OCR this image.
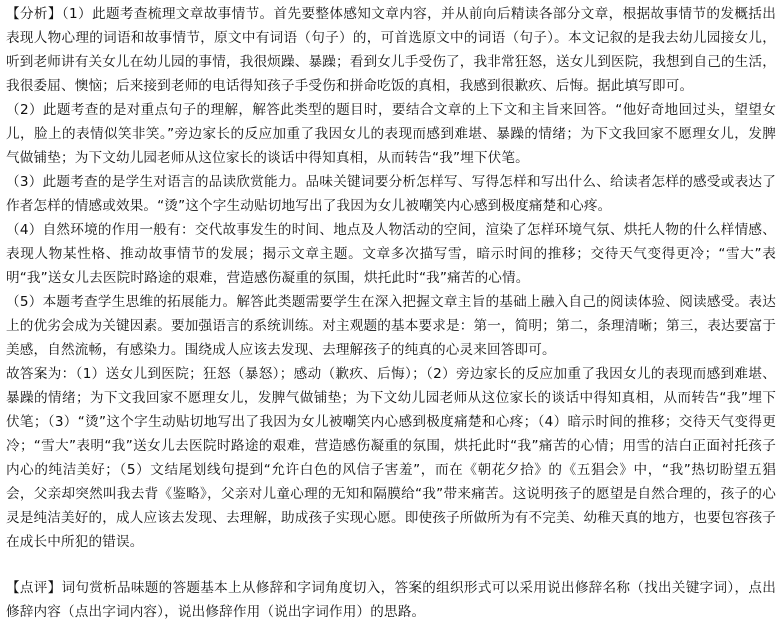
【分析】（1）此题考查梳理文章故事情节。首先要整体感知文章内容，并从前向后精读各部分文章，根据故事情节的发概括出表现人物心理的词语和故事情节，原文中有词语（句子）的，可首选原文中的词语（句子）。本文记叙的是我去幼儿园接女儿，听到老师讲有关女儿在幼儿园的事情，我很烦躁、暴躁；看到女儿手受伤了，我非常狂怒，送女儿到医院，我想到自己的生活，我很委屈、懊恼；后来接到老师的电话得知孩子手受伤和拼命吃饭的真相，我感到很歉疚、后悔。据此填写即可。

（2）此题考查的是对重点句子的理解，解答此类型的题目时，要结合文章的上下文和主旨来回答。“他好奇地回过头，望望女儿，脸上的表情似笑非笑。”旁边家长的反应加重了我因女儿的表现而感到难堪、暴躁的情绪；为下文我回家不愿理女儿，发脾气做铺垫；为下文幼儿园老师从这位家长的谈话中得知真相，从而转告“我”埋下伏笔。

（3）此题考查的是学生对语言的品读欣赏能力。品味关键词要分析怎样写、写得怎样和写出什么、给读者怎样的感受或表达了作者怎样的情感或效果。“烫”这个字生动贴切地写出了我因为女儿被嘲笑内心感到极度痛楚和心疼。

（4）自然环境的作用一般有：交代故事发生的时间、地点及人物活动的空间，渲染了怎样环境气氛、烘托人物的什么样情感、表现人物某性格、推动故事情节的发展；揭示文章主题。文章多次描写雪，暗示时间的推移；交待天气变得更冷；“雪大”表明“我”送女儿去医院时路途的艰难，营造感伤凝重的氛围，烘托此时“我”痛苦的心情。

（5）本题考查学生思维的拓展能力。解答此类题需要学生在深入把握文章主旨的基础上融入自己的阅读体验、阅读感受。表达上的优劣会成为关键因素。要加强语言的系统训练。对主观题的基本要求是：第一，简明；第二，条理清晰；第三，表达要富于美感，自然流畅，有感染力。围绕成人应该去发现、去理解孩子的纯真的心灵来回答即可。

故答案为：（1）送女儿到医院；狂怒（暴怒）；感动（歉疚、后悔）；（2）旁边家长的反应加重了我因女儿的表现而感到难堪、暴躁的情绪；为下文我回家不愿理女儿，发脾气做铺垫；为下文幼儿园老师从这位家长的谈话中得知真相，从而转告“我”埋下伏笔；（3）“烫”这个字生动贴切地写出了我因为女儿被嘲笑内心感到极度痛楚和心疼；（4）暗示时间的推移；交待天气变得更冷；“雪大”表明“我”送女儿去医院时路途的艰难，营造感伤凝重的氛围，烘托此时“我”痛苦的心情；用雪的洁白正面衬托孩子内心的纯洁美好；（5）文结尾划线句提到“允许白色的风信子害羞”，而在《朝花夕拾》的《五猖会》中，“我”热切盼望五猖会，父亲却突然叫我去背《鉴略》，父亲对儿童心理的无知和隔膜给“我”带来痛苦。这说明孩子的愿望是自然合理的，孩子的心灵是纯洁美好的，成人应该去发现、去理解，助成孩子实现心愿。即使孩子所做所为有不完美、幼稚天真的地方，也要包容孩子在成长中所犯的错误。

【点评】词句赏析品味题的答题基本上从修辞和字词角度切入，答案的组织形式可以采用说出修辞名称（找出关键字词），点出修辞内容（点出字词内容），说出修辞作用（说出字词作用）的思路。
